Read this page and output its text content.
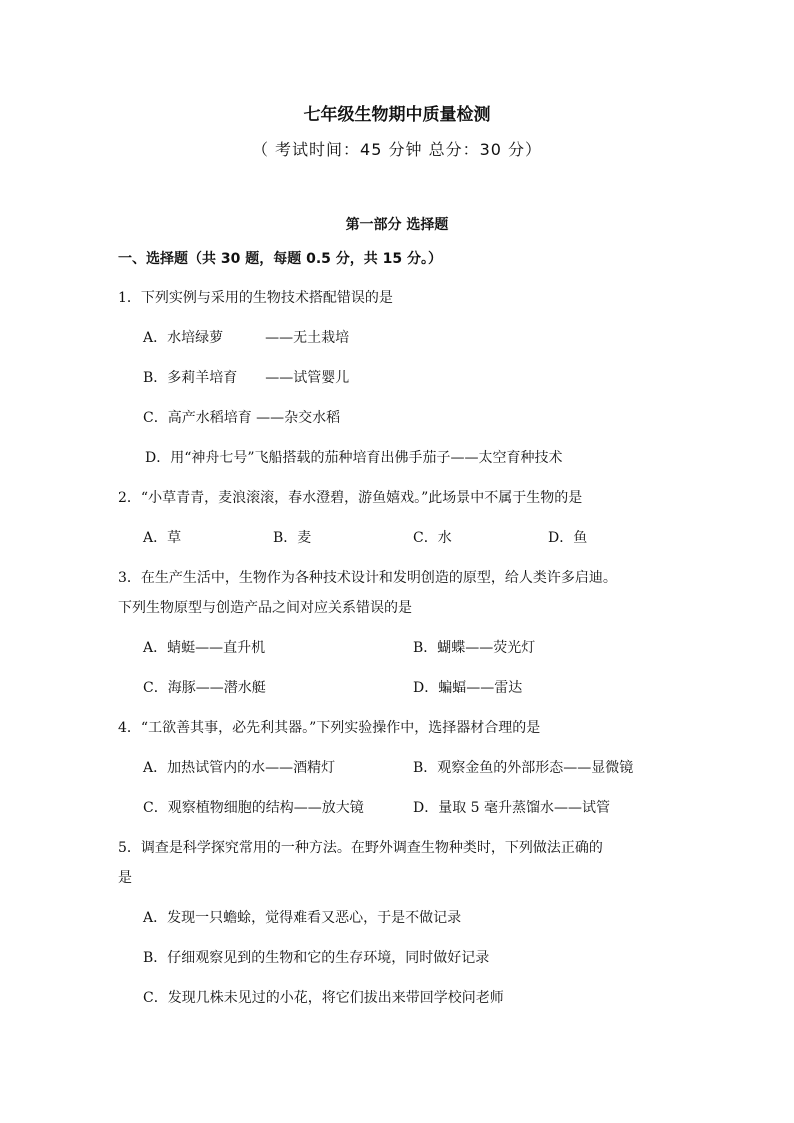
七年级生物期中质量检测
（ 考试时间：45 分钟 总分：30 分）
第一部分 选择题
一、选择题（共 30 题，每题 0.5 分，共 15 分。）
1．下列实例与采用的生物技术搭配错误的是
A．水培绿萝　　　——无土栽培
B．多莉羊培育　　——试管婴儿
C．高产水稻培育 ——杂交水稻
D．用“神舟七号”飞船搭载的茄种培育出佛手茄子——太空育种技术
2．“小草青青，麦浪滚滚，春水澄碧，游鱼嬉戏。”此场景中不属于生物的是
A．草	B．麦	C．水	D．鱼
3．在生产生活中，生物作为各种技术设计和发明创造的原型，给人类许多启迪。
下列生物原型与创造产品之间对应关系错误的是
A．蜻蜓——直升机	B．蝴蝶——荧光灯
C．海豚——潜水艇	D．蝙蝠——雷达
4．“工欲善其事，必先利其器。”下列实验操作中，选择器材合理的是
A．加热试管内的水——酒精灯	B．观察金鱼的外部形态——显微镜
C．观察植物细胞的结构——放大镜	D．量取 5 毫升蒸馏水——试管
5．调查是科学探究常用的一种方法。在野外调查生物种类时，下列做法正确的
是
A．发现一只蟾蜍，觉得难看又恶心，于是不做记录
B．仔细观察见到的生物和它的生存环境，同时做好记录
C．发现几株未见过的小花，将它们拔出来带回学校问老师
